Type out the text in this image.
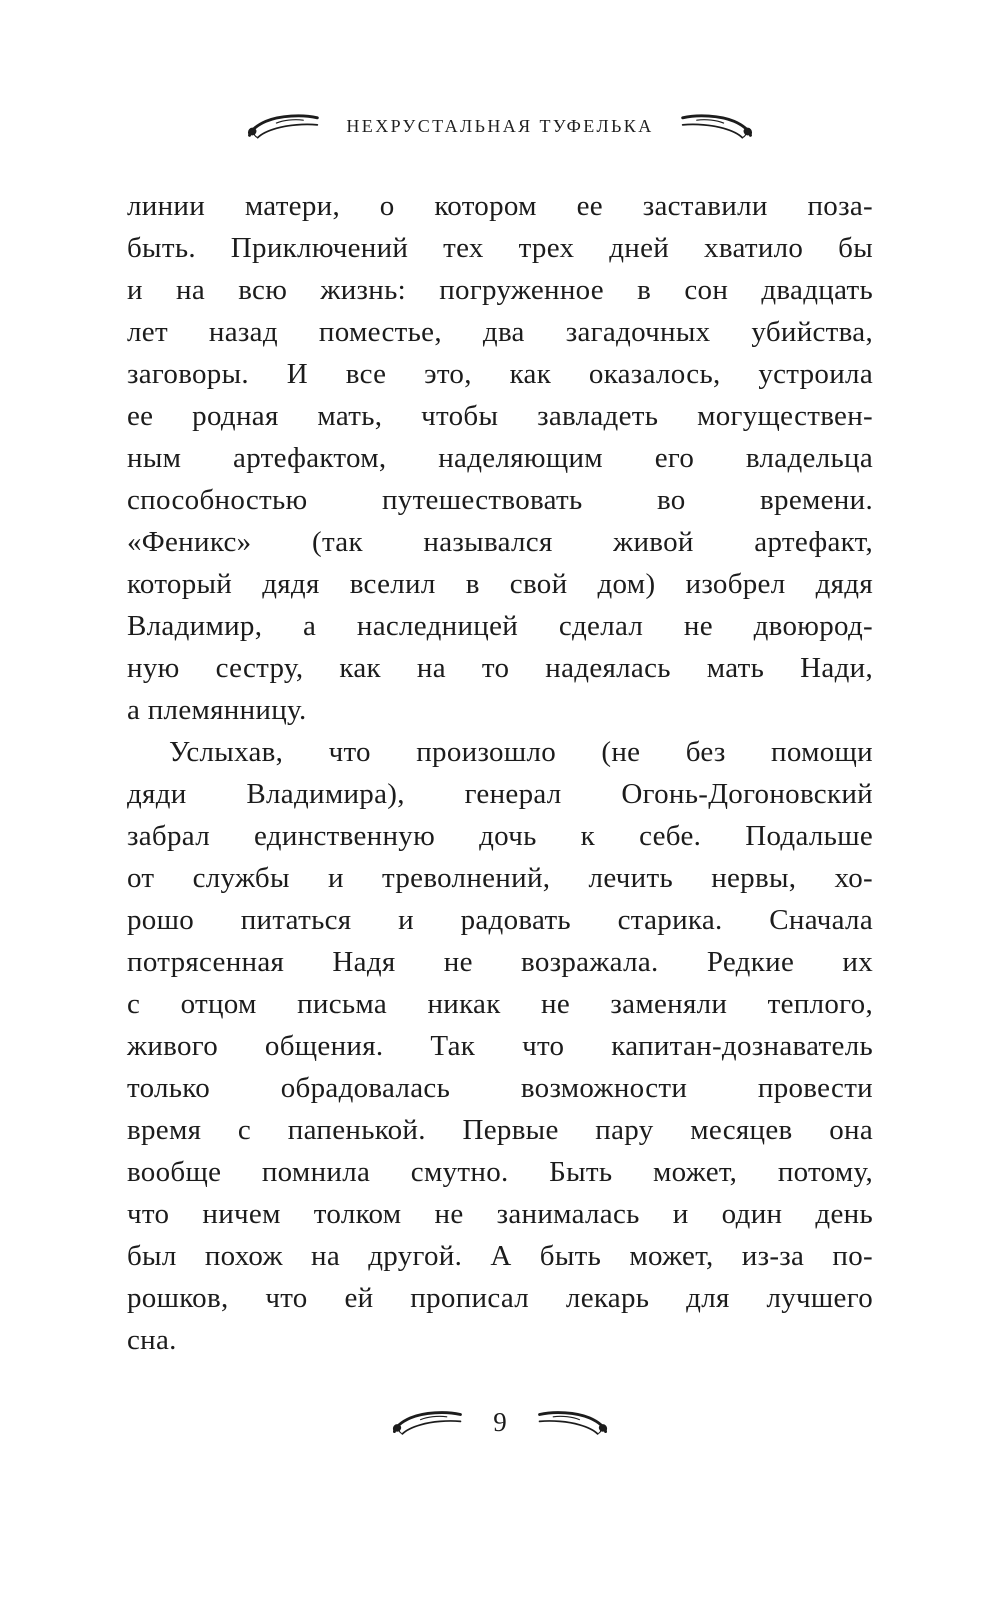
НЕХРУСТАЛЬНАЯ ТУФЕЛЬКА

линии матери, о котором ее заставили поза-
быть. Приключений тех трех дней хватило бы
и на всю жизнь: погруженное в сон двадцать
лет назад поместье, два загадочных убийства,
заговоры. И все это, как оказалось, устроила
ее родная мать, чтобы завладеть могуществен-
ным артефактом, наделяющим его владельца
способностью путешествовать во времени.
«Феникс» (так назывался живой артефакт,
который дядя вселил в свой дом) изобрел дядя
Владимир, а наследницей сделал не двоюрод-
ную сестру, как на то надеялась мать Нади,
а племянницу.

Услыхав, что произошло (не без помощи
дяди Владимира), генерал Огонь-Догоновский
забрал единственную дочь к себе. Подальше
от службы и треволнений, лечить нервы, хо-
рошо питаться и радовать старика. Сначала
потрясенная Надя не возражала. Редкие их
с отцом письма никак не заменяли теплого,
живого общения. Так что капитан-дознаватель
только обрадовалась возможности провести
время с папенькой. Первые пару месяцев она
вообще помнила смутно. Быть может, потому,
что ничем толком не занималась и один день
был похож на другой. А быть может, из-за по-
рошков, что ей прописал лекарь для лучшего
сна.

9
